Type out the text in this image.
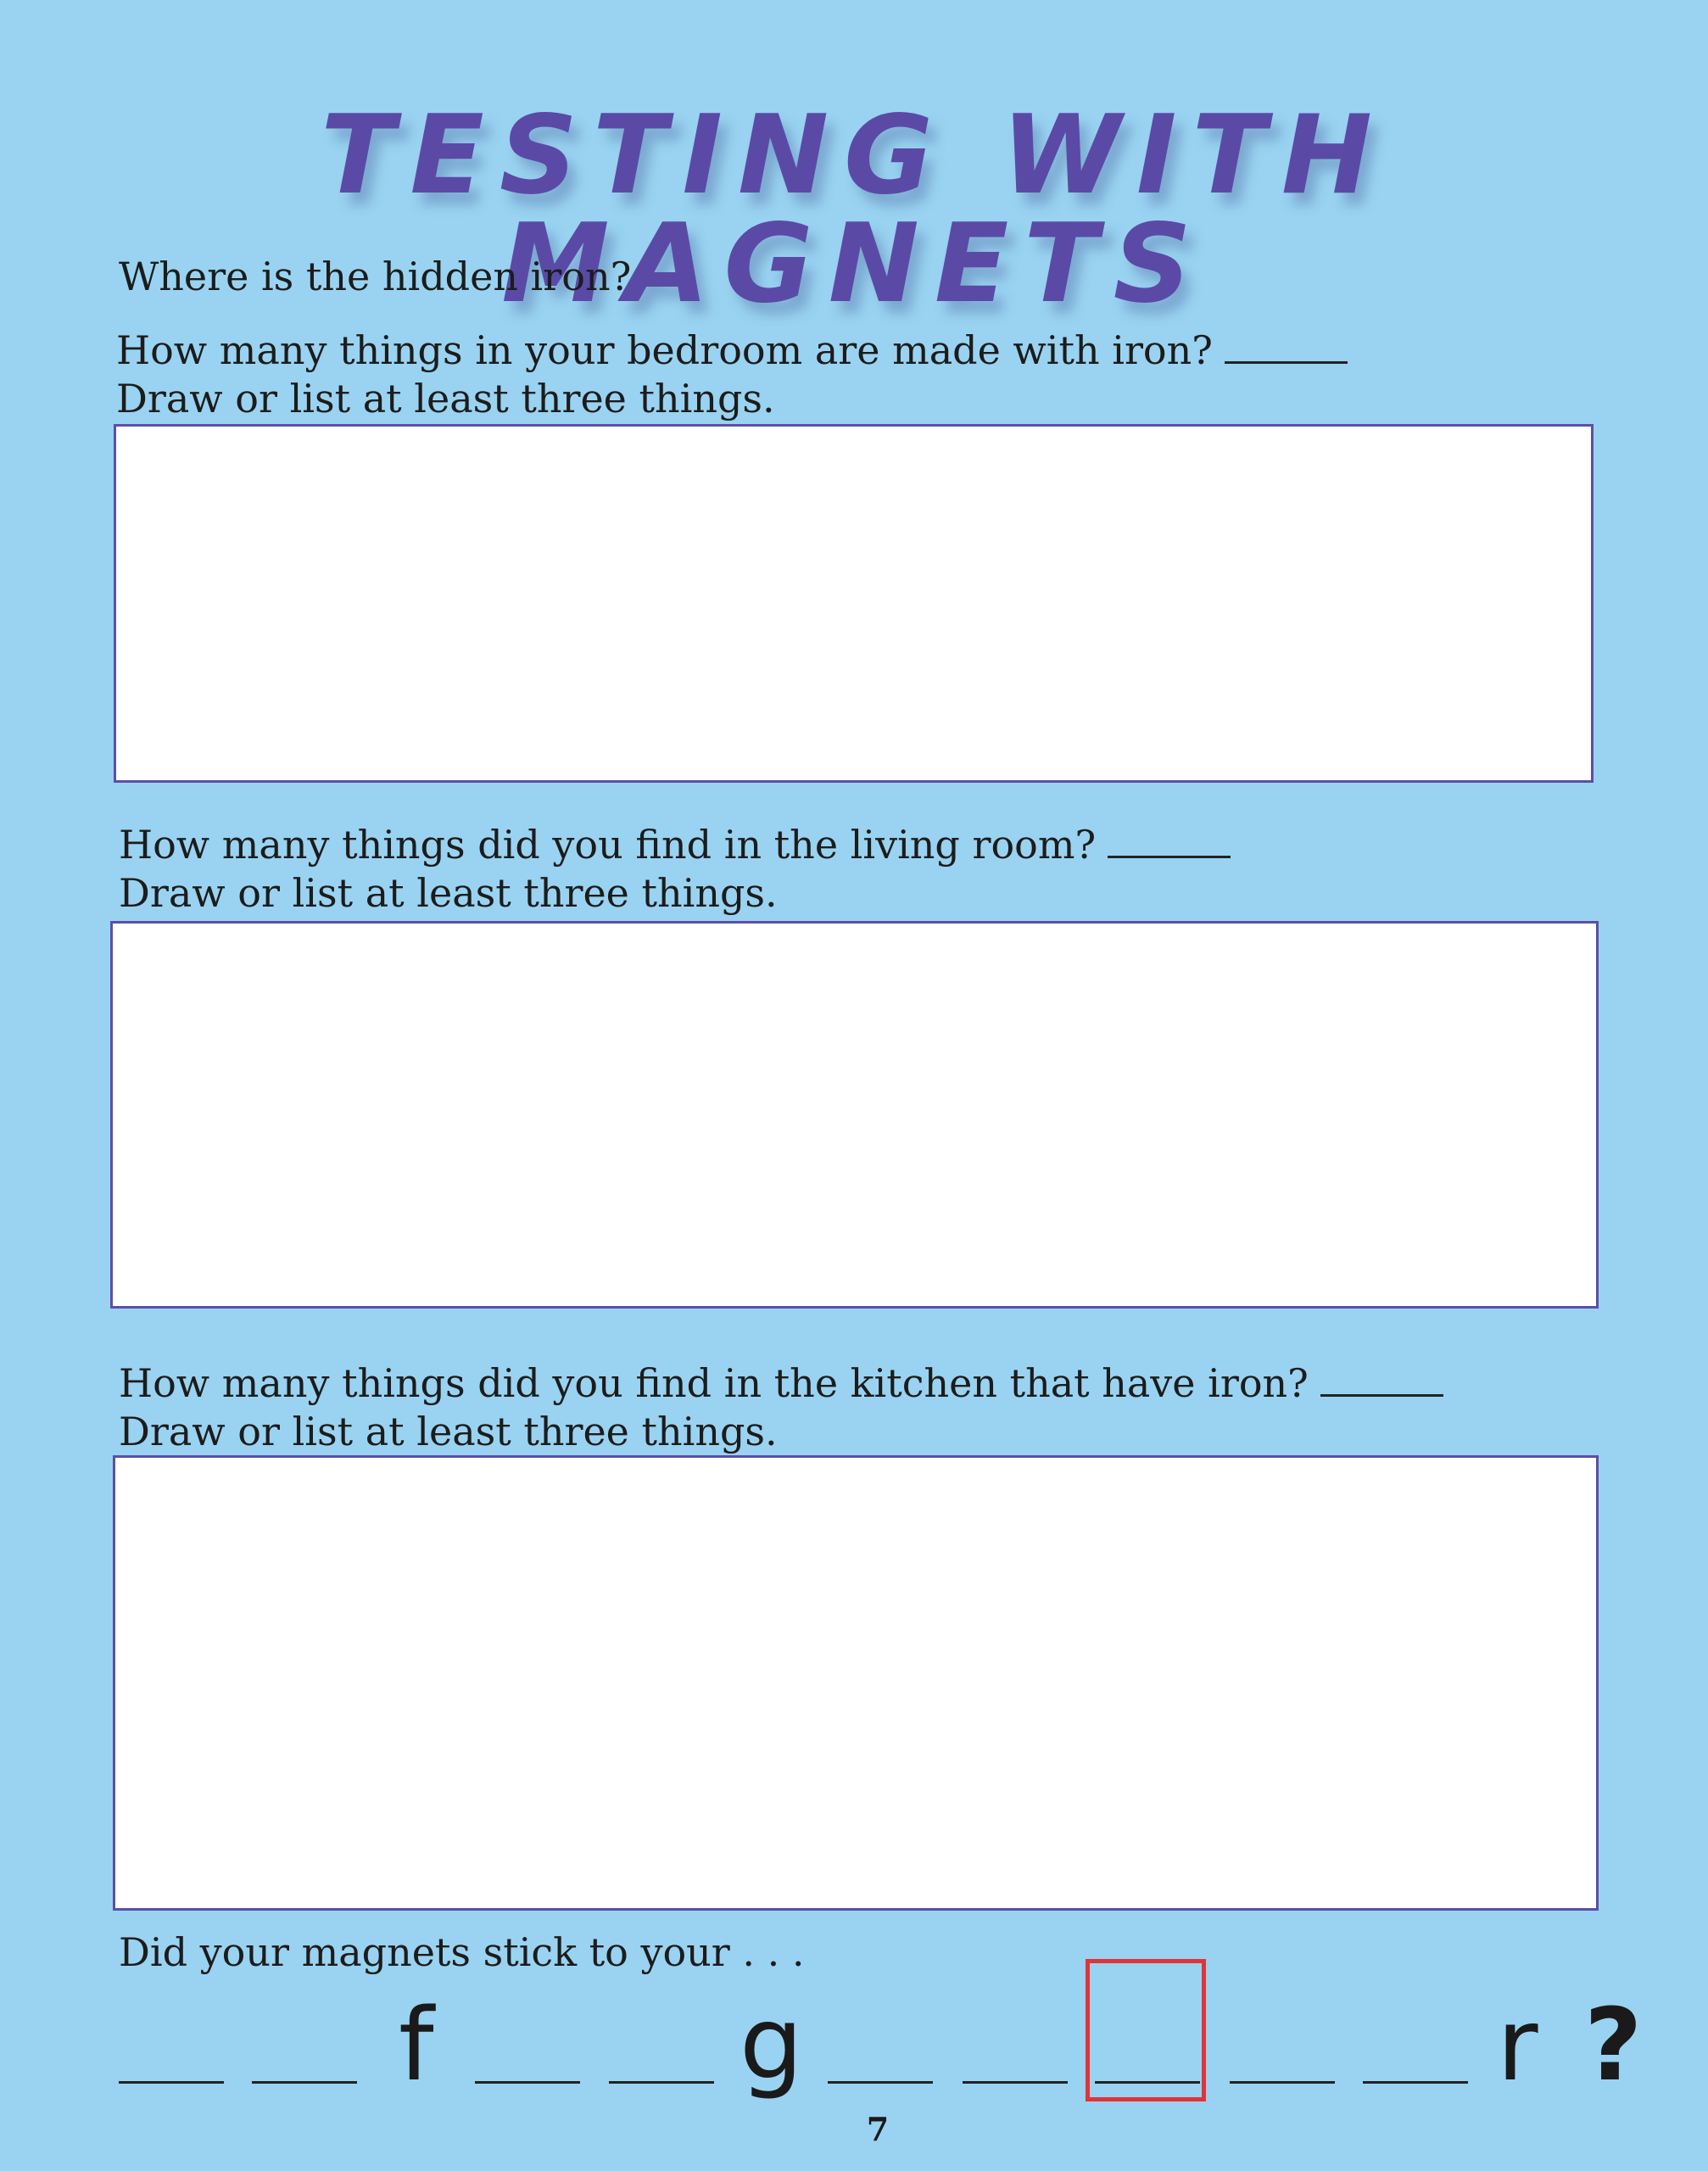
TESTING WITH MAGNETS
Where is the hidden iron?
How many things in your bedroom are made with iron?
Draw or list at least three things.
How many things did you find in the living room?
Draw or list at least three things.
How many things did you find in the kitchen that have iron?
Draw or list at least three things.
Did your magnets stick to your . . .
f	g	r ?
7
